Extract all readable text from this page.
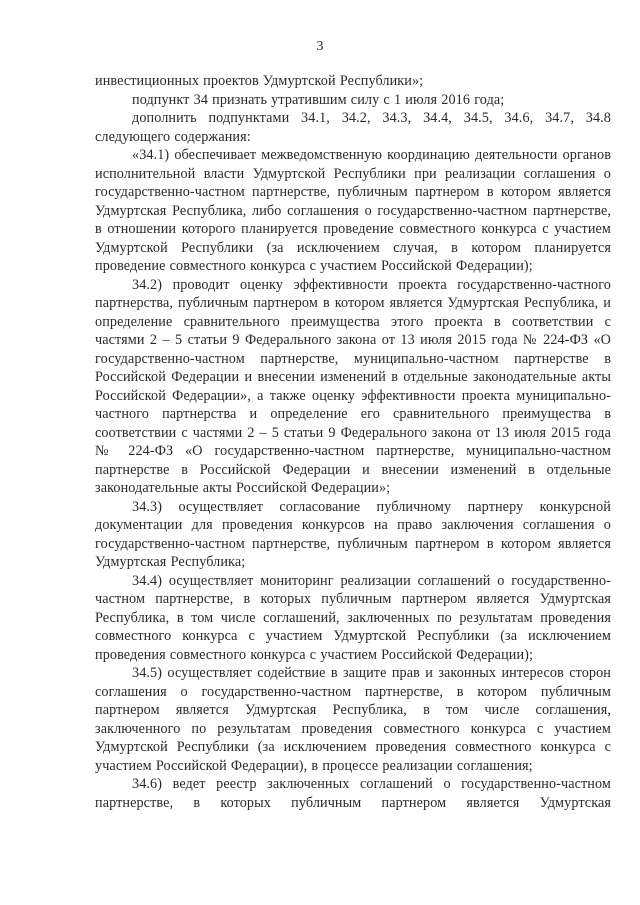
3

инвестиционных проектов Удмуртской Республики»;

подпункт 34 признать утратившим силу с 1 июля 2016 года;

дополнить подпунктами 34.1, 34.2, 34.3, 34.4, 34.5, 34.6, 34.7, 34.8 следующего содержания:

«34.1) обеспечивает межведомственную координацию деятельности органов исполнительной власти Удмуртской Республики при реализации соглашения о государственно-частном партнерстве, публичным партнером в котором является Удмуртская Республика, либо соглашения о государственно-частном партнерстве, в отношении которого планируется проведение совместного конкурса с участием Удмуртской Республики (за исключением случая, в котором планируется проведение совместного конкурса с участием Российской Федерации);

34.2) проводит оценку эффективности проекта государственно-частного партнерства, публичным партнером в котором является Удмуртская Республика, и определение сравнительного преимущества этого проекта в соответствии с частями 2 – 5 статьи 9 Федерального закона от 13 июля 2015 года № 224-ФЗ «О государственно-частном партнерстве, муниципально-частном партнерстве в Российской Федерации и внесении изменений в отдельные законодательные акты Российской Федерации», а также оценку эффективности проекта муниципально-частного партнерства и определение его сравнительного преимущества в соответствии с частями 2 – 5 статьи 9 Федерального закона от 13 июля 2015 года № 224-ФЗ «О государственно-частном партнерстве, муниципально-частном партнерстве в Российской Федерации и внесении изменений в отдельные законодательные акты Российской Федерации»;

34.3) осуществляет согласование публичному партнеру конкурсной документации для проведения конкурсов на право заключения соглашения о государственно-частном партнерстве, публичным партнером в котором является Удмуртская Республика;

34.4) осуществляет мониторинг реализации соглашений о государственно-частном партнерстве, в которых публичным партнером является Удмуртская Республика, в том числе соглашений, заключенных по результатам проведения совместного конкурса с участием Удмуртской Республики (за исключением проведения совместного конкурса с участием Российской Федерации);

34.5) осуществляет содействие в защите прав и законных интересов сторон соглашения о государственно-частном партнерстве, в котором публичным партнером является Удмуртская Республика, в том числе соглашения, заключенного по результатам проведения совместного конкурса с участием Удмуртской Республики (за исключением проведения совместного конкурса с участием Российской Федерации), в процессе реализации соглашения;

34.6) ведет реестр заключенных соглашений о государственно-частном партнерстве, в которых публичным партнером является Удмуртская
